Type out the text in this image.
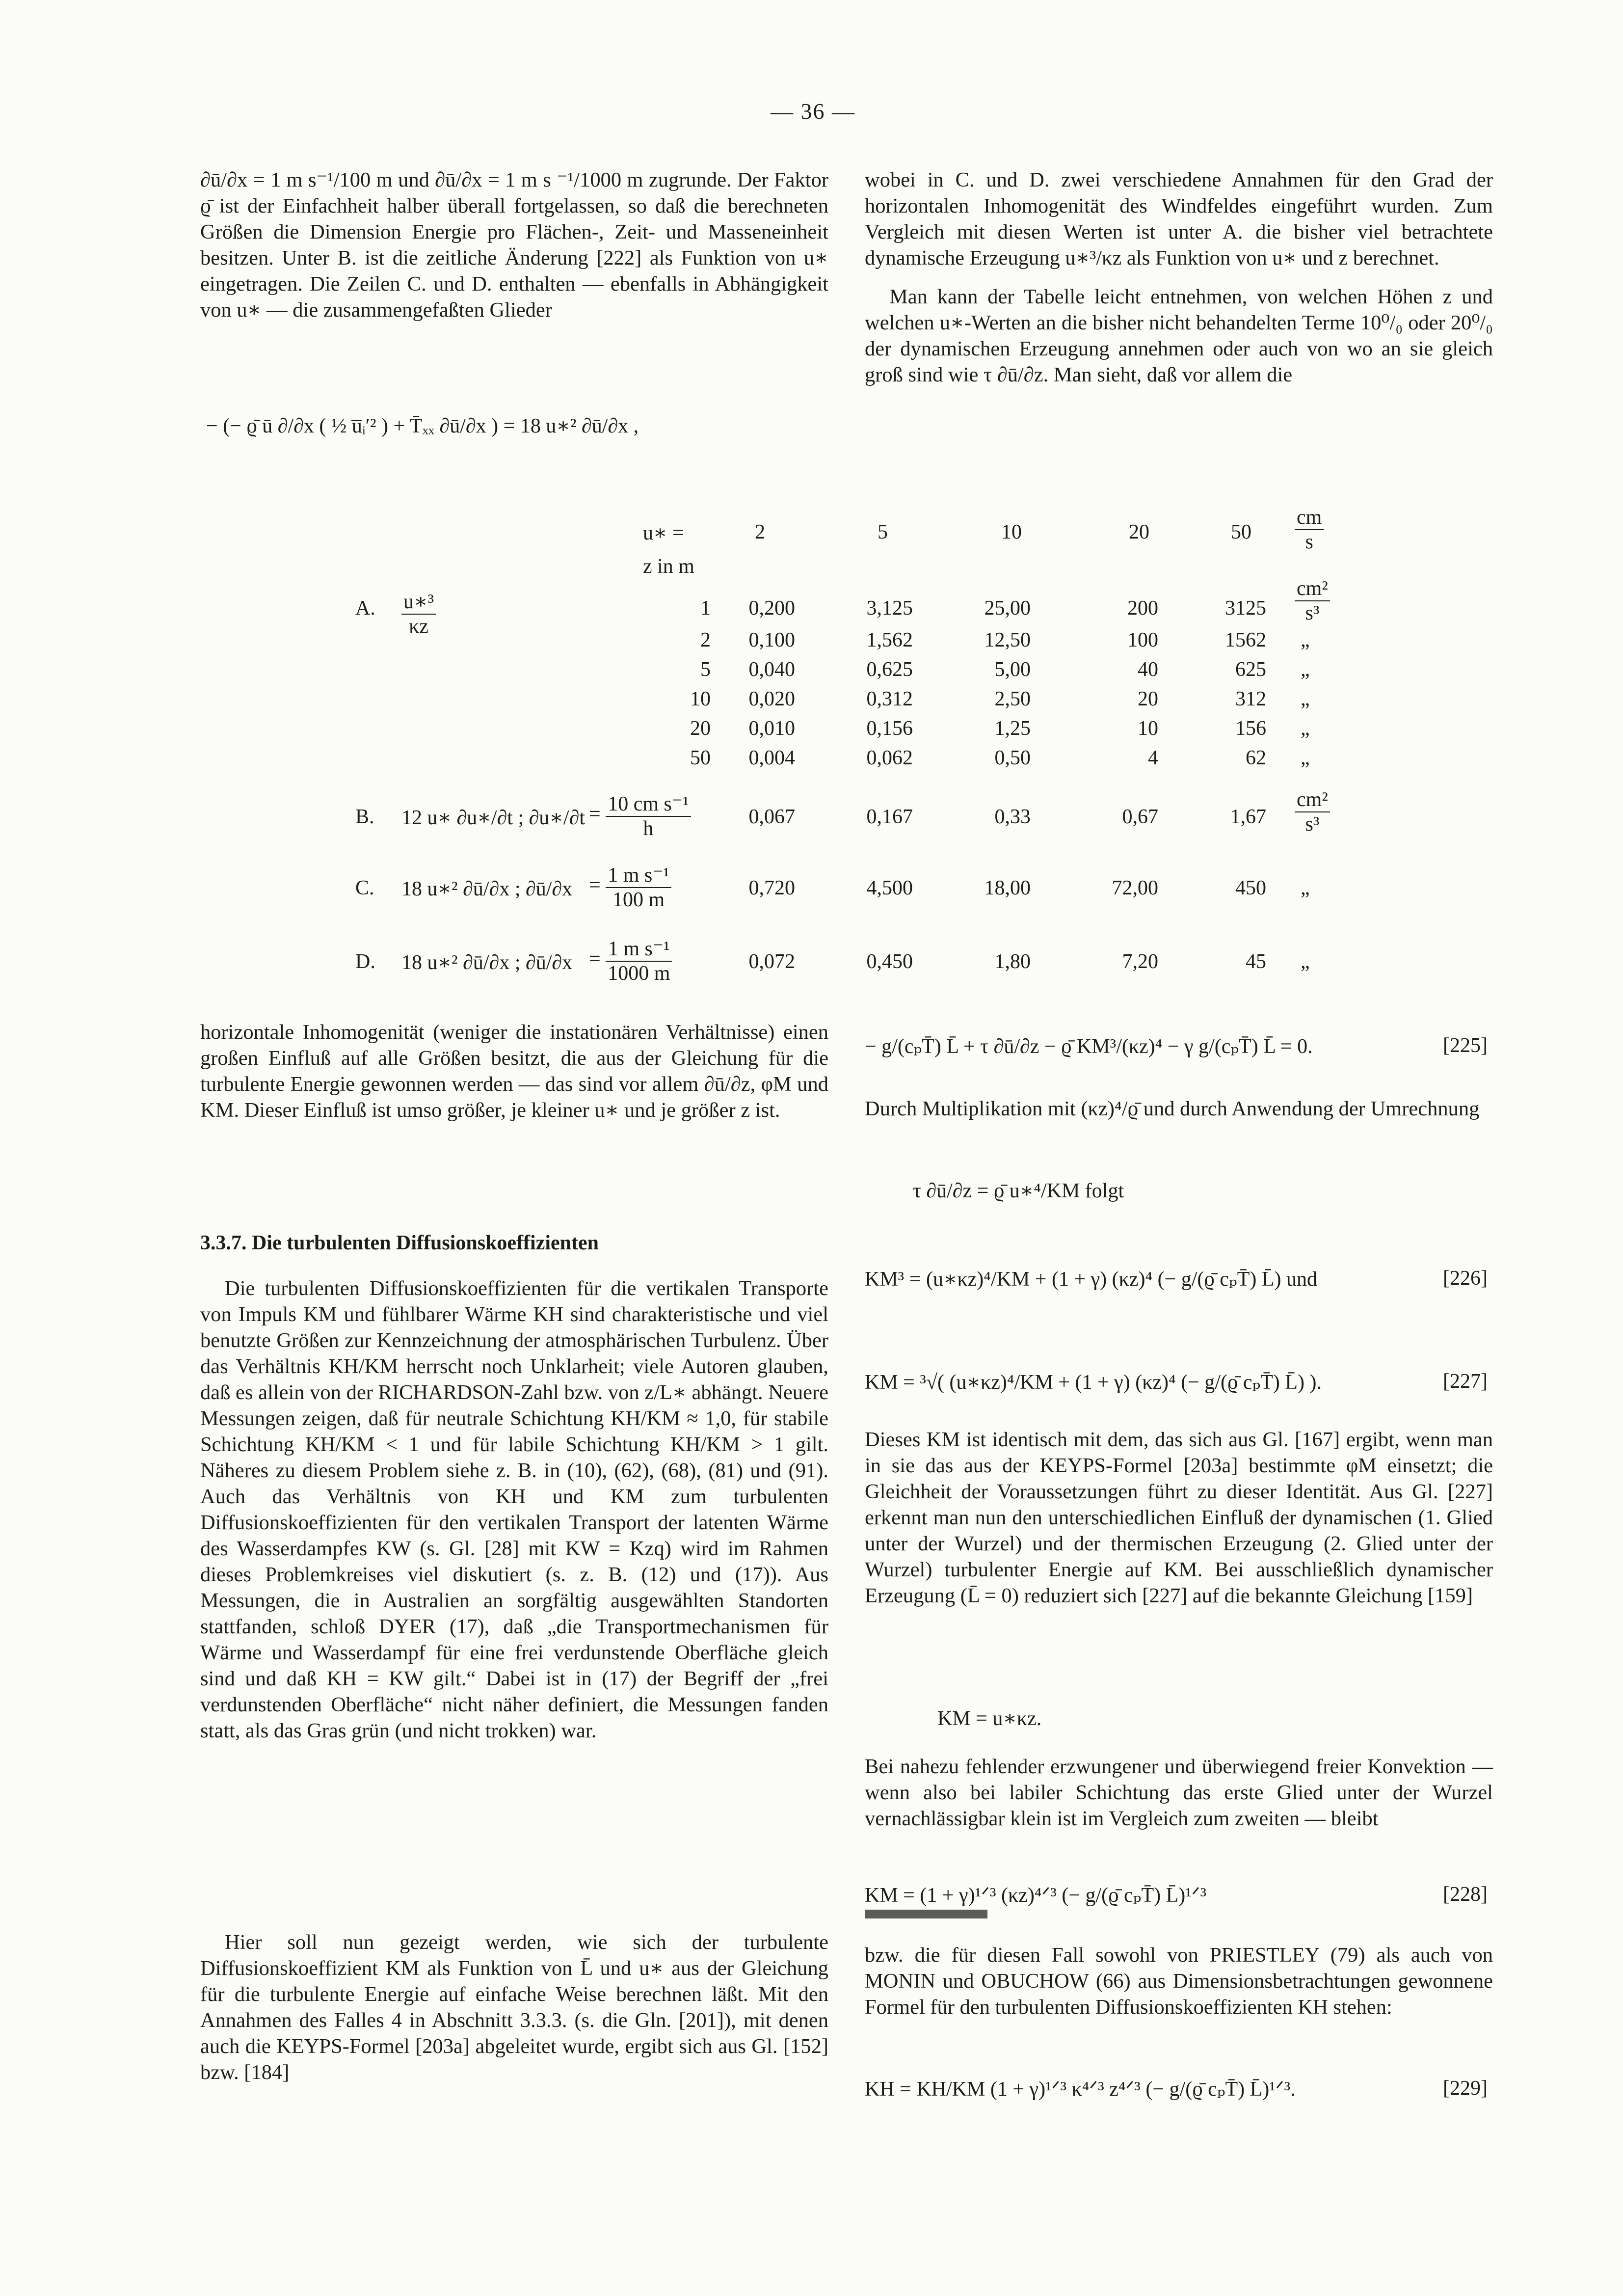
— 36 —

∂ū/∂x = 1 m s⁻¹/100 m und ∂ū/∂x = 1 m s ⁻¹/1000 m zugrunde. Der Faktor ϱ̄ ist der Einfachheit halber überall fortgelassen, so daß die berechneten Größen die Dimension Energie pro Flächen-, Zeit- und Masseneinheit besitzen. Unter B. ist die zeitliche Änderung [222] als Funktion von u∗ eingetragen. Die Zeilen C. und D. enthalten — ebenfalls in Abhängigkeit von u∗ — die zusammengefaßten Glieder

− (− ϱ̄ ū ∂/∂x ( ½ u̅ᵢ′² ) + T̄ₓₓ ∂ū/∂x ) = 18 u∗² ∂ū/∂x ,

wobei in C. und D. zwei verschiedene Annahmen für den Grad der horizontalen Inhomogenität des Windfeldes eingeführt wurden. Zum Vergleich mit diesen Werten ist unter A. die bisher viel betrachtete dynamische Erzeugung u∗³/κz als Funktion von u∗ und z berechnet.

Man kann der Tabelle leicht entnehmen, von welchen Höhen z und welchen u∗-Werten an die bisher nicht behandelten Terme 10⁰/₀ oder 20⁰/₀ der dynamischen Erzeugung annehmen oder auch von wo an sie gleich groß sind wie τ ∂ū/∂z. Man sieht, daß vor allem die

u∗ =	2	5	10	20	$50 \frac{cm}{s}$
z in m
A. $\frac{\text{u∗³}}{\kappa z}$	$\frac{\text{cm²}}{\text{s³}}$
1	0,200	3,125	25,00	200	3125
2	0,100	1,562	12,50	100	1562 „
5	0,040	0,625	5,00	40	625 „
10	0,020	0,312	2,50	20	312 „
20	0,010	0,156	1,25	10	156 „
50	0,004	0,062	0,50	4	62 „
B. 12 u∗ ∂u∗/∂t ; ∂u∗/∂t = $\frac{\text{10 cm s⁻¹}}{h}$	0,067	0,167	0,33	0,67	$1,67 \frac{\text{cm²}}{\text{s³}}$
C. 18 u∗² ∂ū/∂x ; ∂ū/∂x = $\frac{\text{1 m s⁻¹}}{100 m}$	0,720	4,500	18,00	72,00	450 „
D. 18 u∗² ∂ū/∂x ; ∂ū/∂x = $\frac{\text{1 m s⁻¹}}{1000 m}$	0,072	0,450	1,80	7,20	45 „

horizontale Inhomogenität (weniger die instationären Verhältnisse) einen großen Einfluß auf alle Größen besitzt, die aus der Gleichung für die turbulente Energie gewonnen werden — das sind vor allem ∂ū/∂z, φM und KM. Dieser Einfluß ist umso größer, je kleiner u∗ und je größer z ist.

3.3.7. Die turbulenten Diffusionskoeffizienten

Die turbulenten Diffusionskoeffizienten für die vertikalen Transporte von Impuls KM und fühlbarer Wärme KH sind charakteristische und viel benutzte Größen zur Kennzeichnung der atmosphärischen Turbulenz. Über das Verhältnis KH/KM herrscht noch Unklarheit; viele Autoren glauben, daß es allein von der RICHARDSON-Zahl bzw. von z/L∗ abhängt. Neuere Messungen zeigen, daß für neutrale Schichtung KH/KM ≈ 1,0, für stabile Schichtung KH/KM < 1 und für labile Schichtung KH/KM > 1 gilt. Näheres zu diesem Problem siehe z. B. in (10), (62), (68), (81) und (91). Auch das Verhältnis von KH und KM zum turbulenten Diffusionskoeffizienten für den vertikalen Transport der latenten Wärme des Wasserdampfes KW (s. Gl. [28] mit KW = Kzq) wird im Rahmen dieses Problemkreises viel diskutiert (s. z. B. (12) und (17)). Aus Messungen, die in Australien an sorgfältig ausgewählten Standorten stattfanden, schloß DYER (17), daß „die Transportmechanismen für Wärme und Wasserdampf für eine frei verdunstende Oberfläche gleich sind und daß KH = KW gilt.“ Dabei ist in (17) der Begriff der „frei verdunstenden Oberfläche“ nicht näher definiert, die Messungen fanden statt, als das Gras grün (und nicht trokken) war.

Hier soll nun gezeigt werden, wie sich der turbulente Diffusionskoeffizient KM als Funktion von L̄ und u∗ aus der Gleichung für die turbulente Energie auf einfache Weise berechnen läßt. Mit den Annahmen des Falles 4 in Abschnitt 3.3.3. (s. die Gln. [201]), mit denen auch die KEYPS-Formel [203a] abgeleitet wurde, ergibt sich aus Gl. [152] bzw. [184]

− g/(cₚT̄) L̄ + τ ∂ū/∂z − ϱ̄ KM³/(κz)⁴ − γ g/(cₚT̄) L̄ = 0.	[225]

Durch Multiplikation mit (κz)⁴/ϱ̄ und durch Anwendung der Umrechnung

τ ∂ū/∂z = ϱ̄ u∗⁴/KM folgt
KM³ = (u∗κz)⁴/KM + (1 + γ) (κz)⁴ (− g/(ϱ̄ cₚT̄) L̄) und	[226]
KM = ³√( (u∗κz)⁴/KM + (1 + γ) (κz)⁴ (− g/(ϱ̄ cₚT̄) L̄) ).	[227]

Dieses KM ist identisch mit dem, das sich aus Gl. [167] ergibt, wenn man in sie das aus der KEYPS-Formel [203a] bestimmte φM einsetzt; die Gleichheit der Voraussetzungen führt zu dieser Identität. Aus Gl. [227] erkennt man nun den unterschiedlichen Einfluß der dynamischen (1. Glied unter der Wurzel) und der thermischen Erzeugung (2. Glied unter der Wurzel) turbulenter Energie auf KM. Bei ausschließlich dynamischer Erzeugung (L̄ = 0) reduziert sich [227] auf die bekannte Gleichung [159]

KM = u∗κz.

Bei nahezu fehlender erzwungener und überwiegend freier Konvektion — wenn also bei labiler Schichtung das erste Glied unter der Wurzel vernachlässigbar klein ist im Vergleich zum zweiten — bleibt

KM = (1 + γ)¹ᐟ³ (κz)⁴ᐟ³ (− g/(ϱ̄ cₚT̄) L̄)¹ᐟ³	[228]

bzw. die für diesen Fall sowohl von PRIESTLEY (79) als auch von MONIN und OBUCHOW (66) aus Dimensionsbetrachtungen gewonnene Formel für den turbulenten Diffusionskoeffizienten KH stehen:

KH = KH/KM (1 + γ)¹ᐟ³ κ⁴ᐟ³ z⁴ᐟ³ (− g/(ϱ̄ cₚT̄) L̄)¹ᐟ³.	[229]
